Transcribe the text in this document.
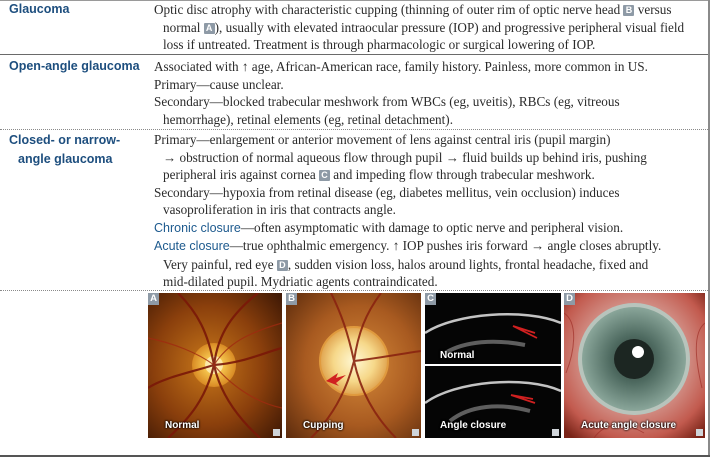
Glaucoma	Optic disc atrophy with characteristic cupping (thinning of outer rim of optic nerve head B versus

normal A ), usually with elevated intraocular pressure (IOP) and progressive peripheral visual field

loss if untreated. Treatment is through pharmacologic or surgical lowering of IOP.

Open-angle glaucoma Associated with ↑ age, African-American race, family history. Painless, more common in US.

Primary—cause unclear.

Secondary—blocked trabecular meshwork from WBCs (eg, uveitis), RBCs (eg, vitreous

hemorrhage), retinal elements (eg, retinal detachment).

Closed- or narrow-
angle glaucoma

Primary—enlargement or anterior movement of lens against central iris (pupil margin)

→ obstruction of normal aqueous flow through pupil → fluid builds up behind iris, pushing

peripheral iris against cornea C and impeding flow through trabecular meshwork.

Secondary—hypoxia from retinal disease (eg, diabetes mellitus, vein occlusion) induces

vasoproliferation in iris that contracts angle.

Chronic closure—often asymptomatic with damage to optic nerve and peripheral vision.

Acute closure—true ophthalmic emergency. ↑ IOP pushes iris forward → angle closes abruptly.

Very painful, red eye D , sudden vision loss, halos around lights, frontal headache, fixed and

mid-dilated pupil. Mydriatic agents contraindicated.

A
Normal
B
Cupping
C
Normal
Angle closure
D
Acute angle closure
